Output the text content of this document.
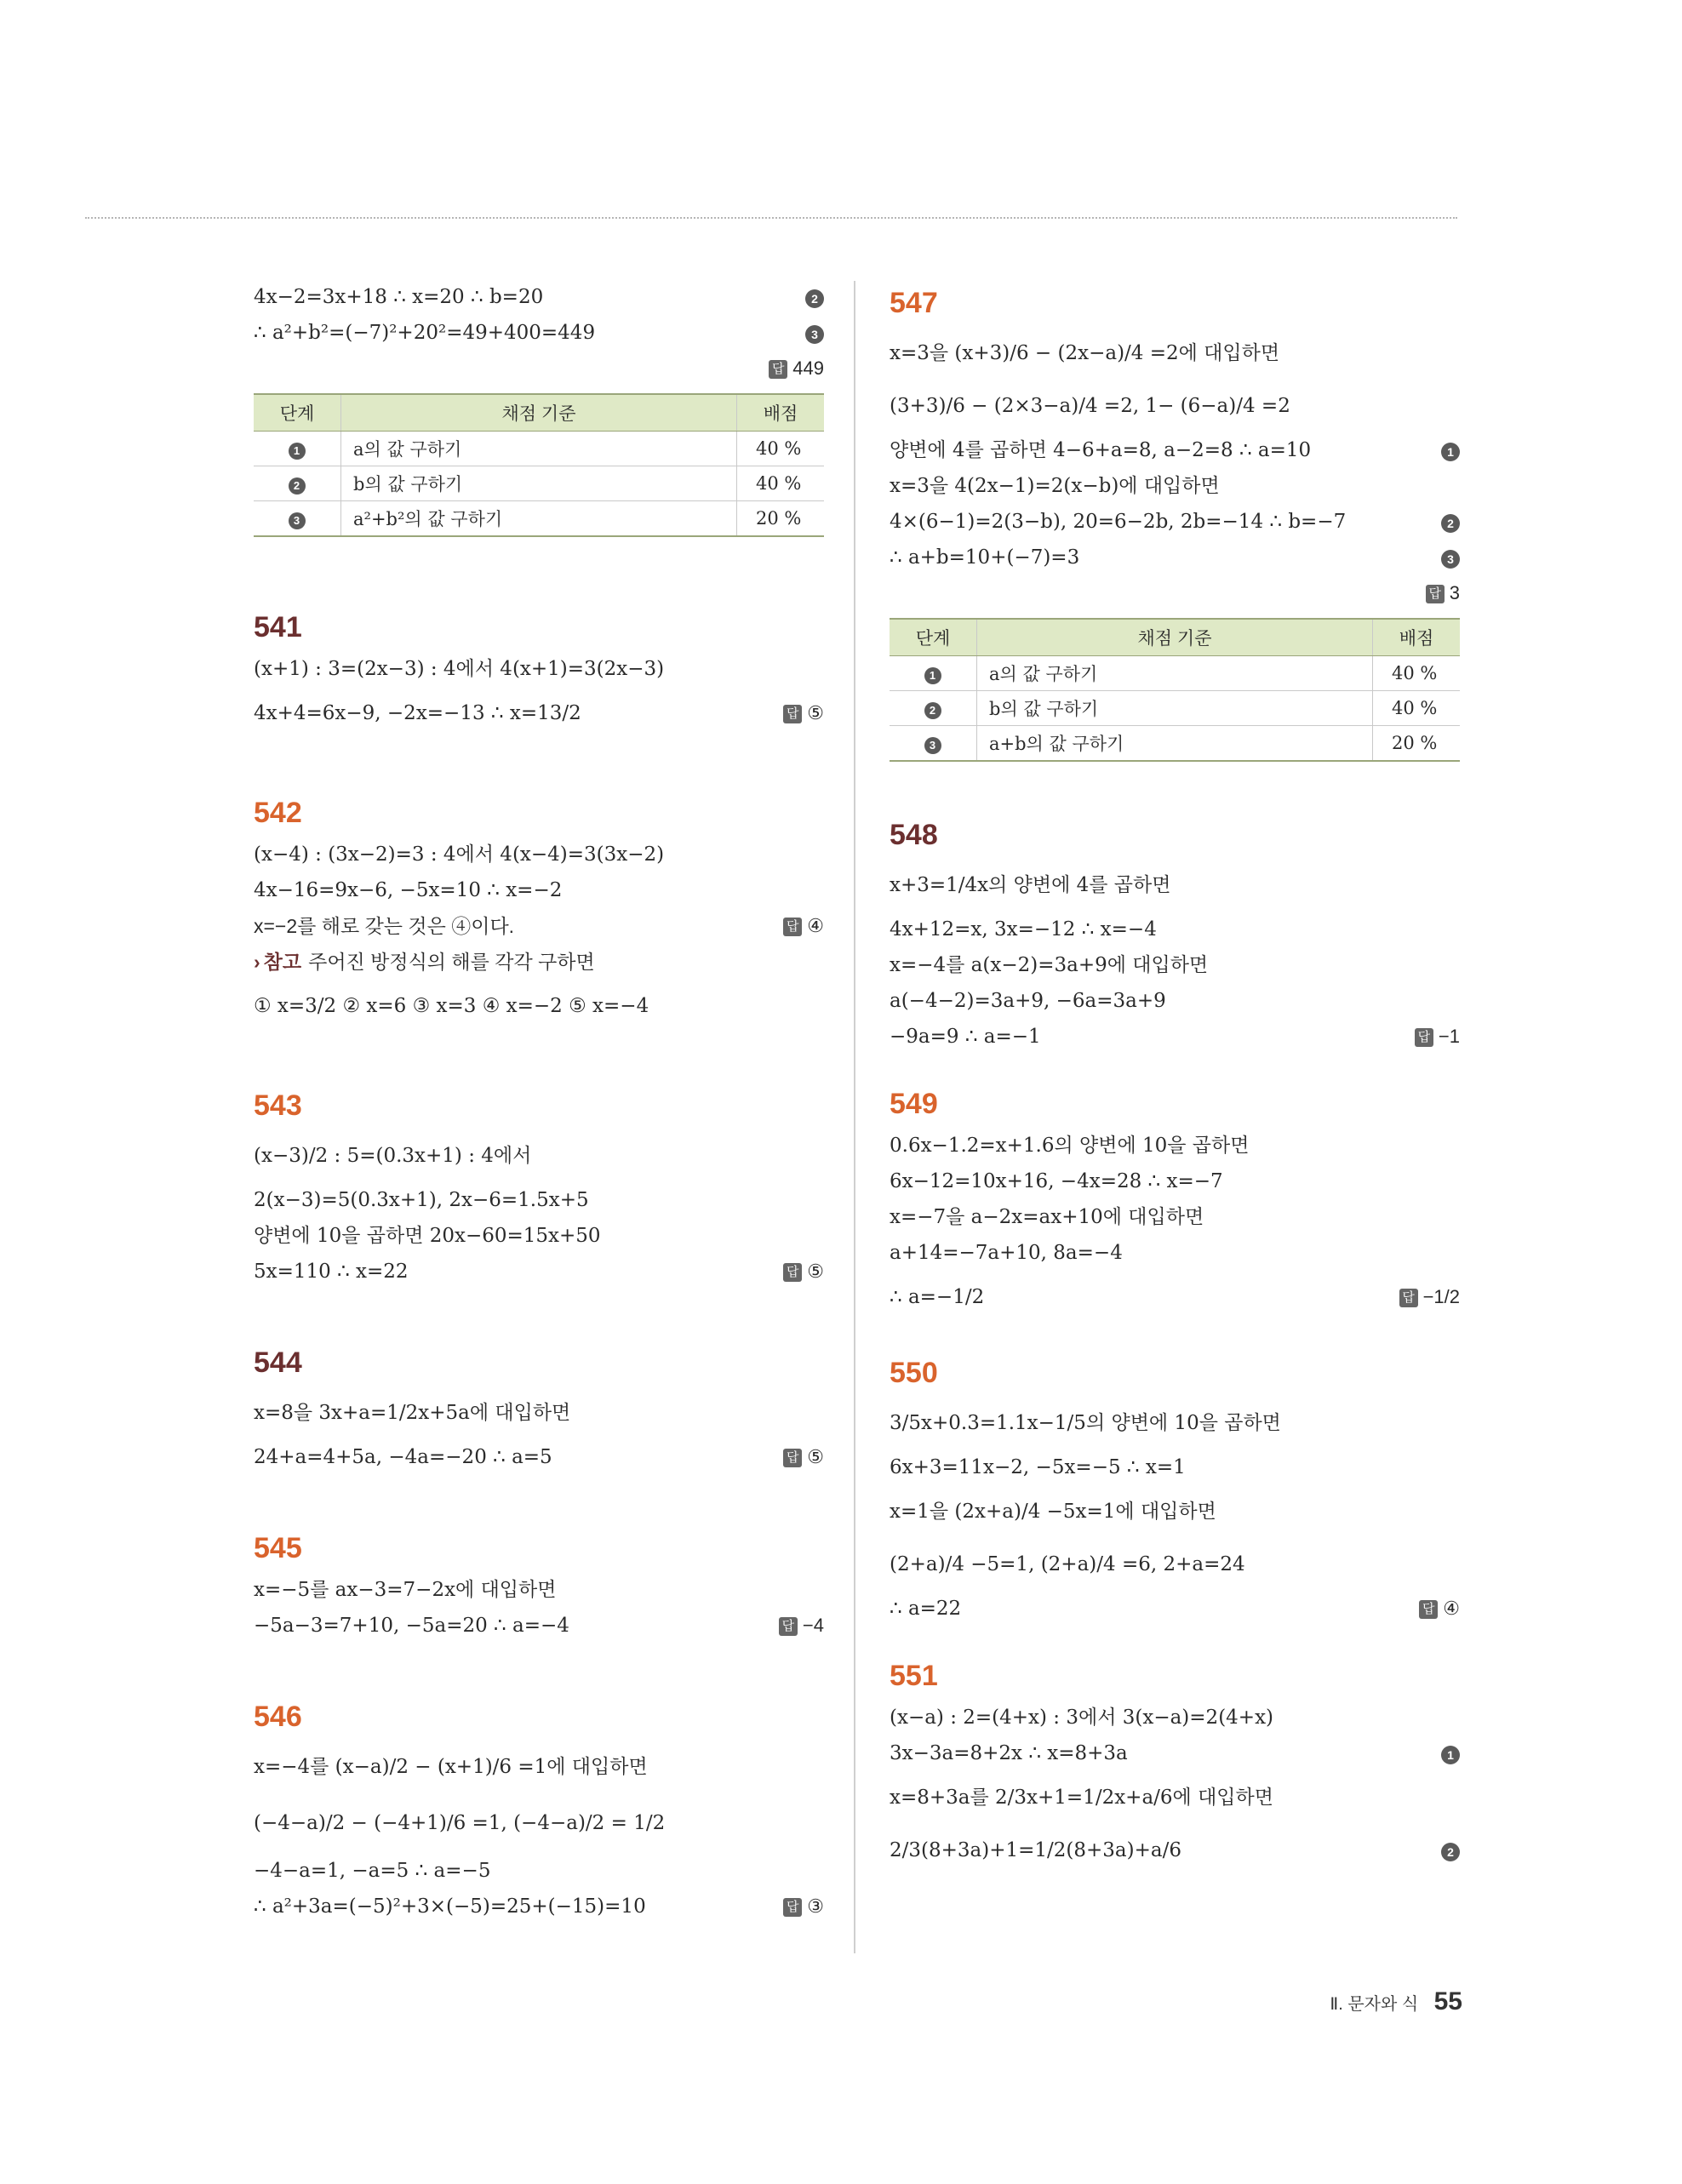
4x−2=3x+18 ∴ x=20 ∴ b=20	2
∴ a²+b²=(−7)²+20²=49+400=449	3
답 449
단계	채점 기준	배점
1	a의 값 구하기	40 %
2	b의 값 구하기	40 %
3	a²+b²의 값 구하기	20 %
541
(x+1) : 3=(2x−3) : 4에서 4(x+1)=3(2x−3)
4x+4=6x−9, −2x=−13 ∴ x=13/2	답 ⑤
542
(x−4) : (3x−2)=3 : 4에서 4(x−4)=3(3x−2)
4x−16=9x−6, −5x=10 ∴ x=−2
x=−2를 해로 갖는 것은 ④이다.	답 ④
› 참고 주어진 방정식의 해를 각각 구하면
① x=3/2 ② x=6 ③ x=3 ④ x=−2 ⑤ x=−4
543
(x−3)/2 : 5=(0.3x+1) : 4에서
2(x−3)=5(0.3x+1), 2x−6=1.5x+5
양변에 10을 곱하면 20x−60=15x+50
5x=110 ∴ x=22	답 ⑤
544
x=8을 3x+a=1/2x+5a에 대입하면
24+a=4+5a, −4a=−20 ∴ a=5	답 ⑤
545
x=−5를 ax−3=7−2x에 대입하면
−5a−3=7+10, −5a=20 ∴ a=−4	답 −4
546
x=−4를 (x−a)/2 − (x+1)/6 =1에 대입하면
(−4−a)/2 − (−4+1)/6 =1, (−4−a)/2 = 1/2
−4−a=1, −a=5 ∴ a=−5
∴ a²+3a=(−5)²+3×(−5)=25+(−15)=10	답 ③
547
x=3을 (x+3)/6 − (2x−a)/4 =2에 대입하면
(3+3)/6 − (2×3−a)/4 =2, 1− (6−a)/4 =2
양변에 4를 곱하면 4−6+a=8, a−2=8 ∴ a=10	1
x=3을 4(2x−1)=2(x−b)에 대입하면
4×(6−1)=2(3−b), 20=6−2b, 2b=−14 ∴ b=−7	2
∴ a+b=10+(−7)=3	3
답 3
단계	채점 기준	배점
1	a의 값 구하기	40 %
2	b의 값 구하기	40 %
3	a+b의 값 구하기	20 %
548
x+3=1/4x의 양변에 4를 곱하면
4x+12=x, 3x=−12 ∴ x=−4
x=−4를 a(x−2)=3a+9에 대입하면
a(−4−2)=3a+9, −6a=3a+9
−9a=9 ∴ a=−1	답 −1
549
0.6x−1.2=x+1.6의 양변에 10을 곱하면
6x−12=10x+16, −4x=28 ∴ x=−7
x=−7을 a−2x=ax+10에 대입하면
a+14=−7a+10, 8a=−4
∴ a=−1/2	답 −1/2
550
3/5x+0.3=1.1x−1/5의 양변에 10을 곱하면
6x+3=11x−2, −5x=−5 ∴ x=1
x=1을 (2x+a)/4 −5x=1에 대입하면
(2+a)/4 −5=1, (2+a)/4 =6, 2+a=24
∴ a=22	답 ④
551
(x−a) : 2=(4+x) : 3에서 3(x−a)=2(4+x)
3x−3a=8+2x ∴ x=8+3a	1
x=8+3a를 2/3x+1=1/2x+a/6에 대입하면
2/3(8+3a)+1=1/2(8+3a)+a/6	2
Ⅱ. 문자와 식 55
